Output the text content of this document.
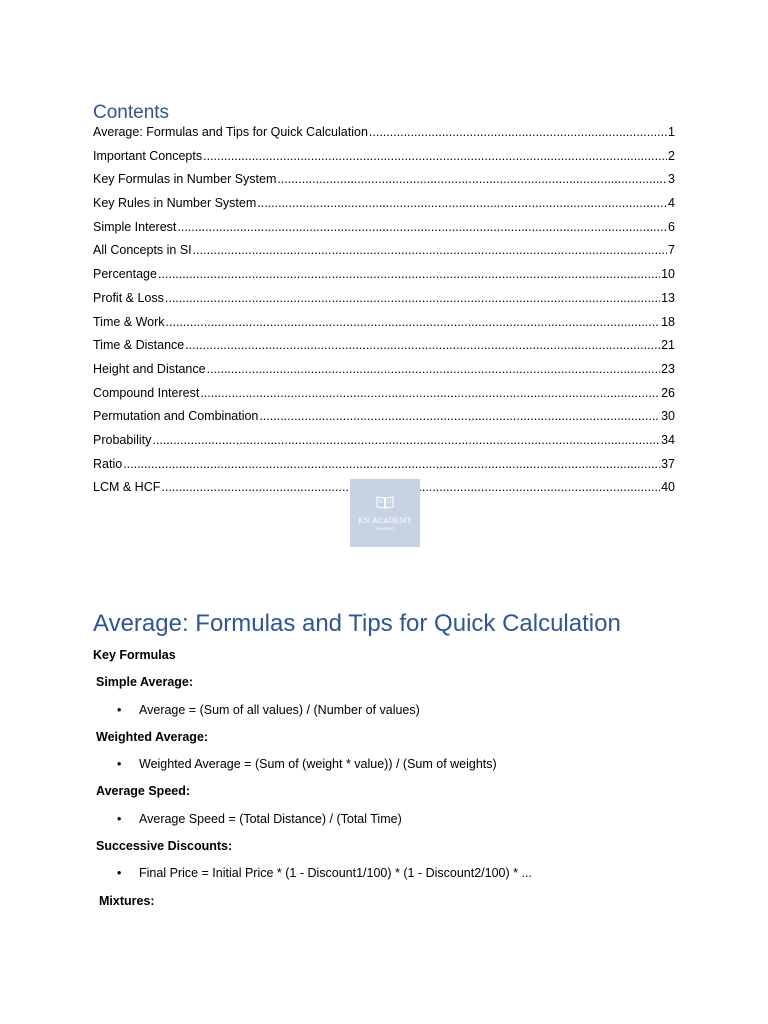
Contents
Average: Formulas and Tips for Quick Calculation .....	1
Important Concepts .....	2
Key Formulas in Number System .....	3
Key Rules in Number System .....	4
Simple Interest .....	6
All Concepts in SI .....	7
Percentage .....	10
Profit & Loss .....	13
Time & Work .....	18
Time & Distance .....	21
Height and Distance .....	23
Compound Interest .....	26
Permutation and Combination .....	30
Probability .....	34
Ratio .....	37
LCM & HCF .....	40
KN ACADEMY
LEARNING
Average: Formulas and Tips for Quick Calculation
Key Formulas
Simple Average:
• Average = (Sum of all values) / (Number of values)
Weighted Average:
• Weighted Average = (Sum of (weight * value)) / (Sum of weights)
Average Speed:
• Average Speed = (Total Distance) / (Total Time)
Successive Discounts:
• Final Price = Initial Price * (1 - Discount1/100) * (1 - Discount2/100) * ...
Mixtures:
